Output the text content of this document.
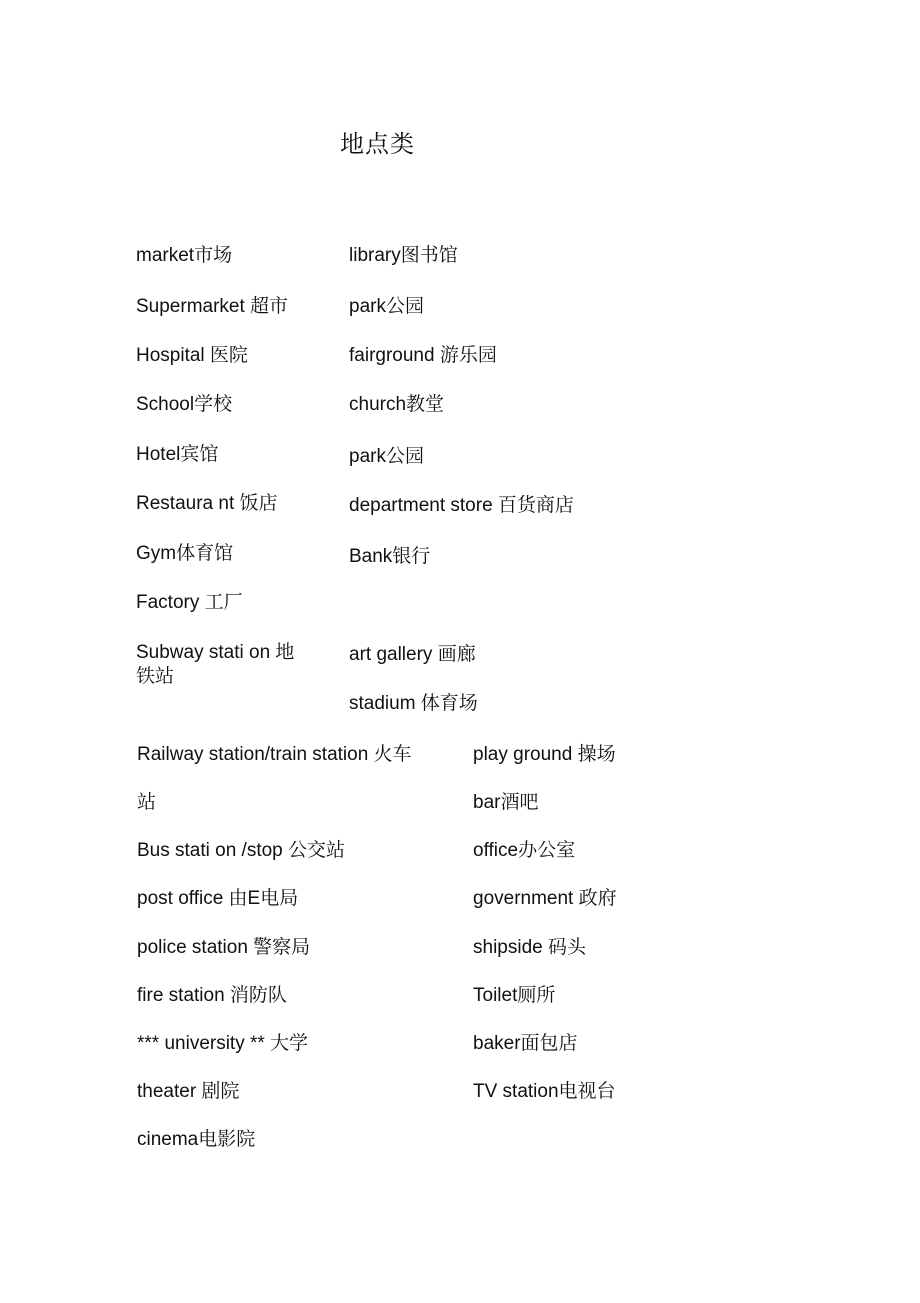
地点类
market市场
Supermarket 超市
Hospital 医院
School学校
Hotel宾馆
Restaura nt 饭店
Gym体育馆
Factory 工厂
Subway stati on 地铁站
library图书馆
park公园
fairground 游乐园
church教堂
park公园
department store 百货商店
Bank银行
art gallery 画廊
stadium 体育场
Railway station/train station 火车
站
Bus stati on /stop 公交站
post office 由E电局
police station 警察局
fire station 消防队
*** university ** 大学
theater 剧院
cinema电影院
play ground 操场
bar酒吧
office办公室
government 政府
shipside 码头
Toilet厕所
baker面包店
TV station电视台
